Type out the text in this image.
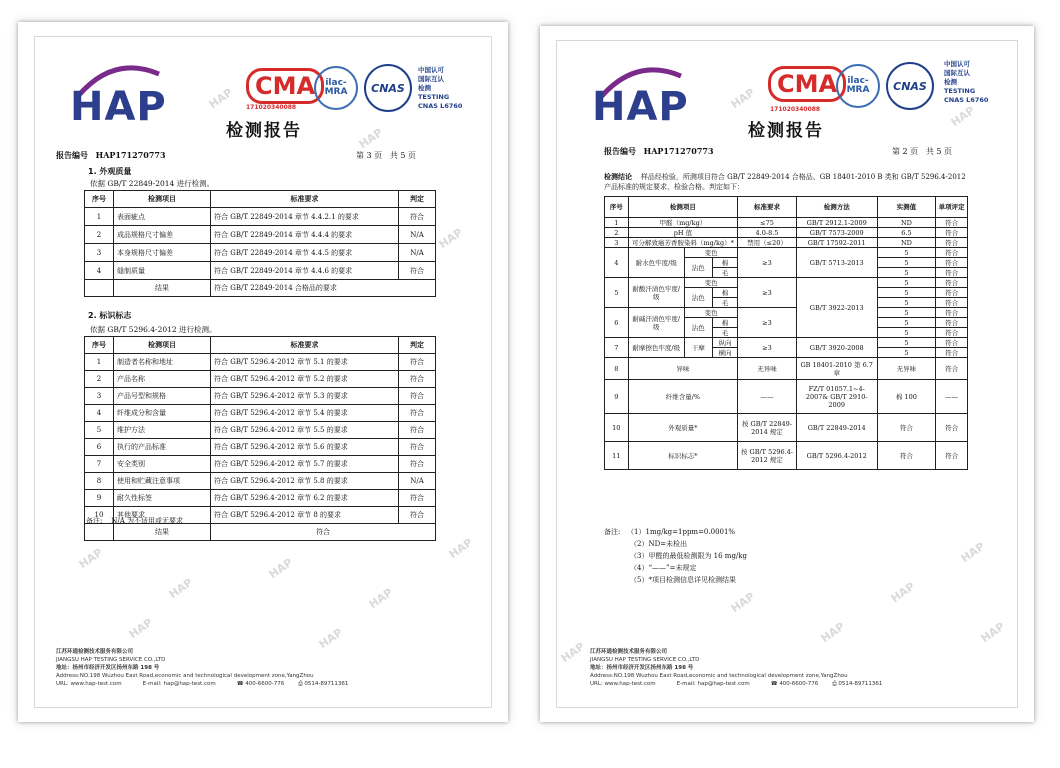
HAP	CMA	ilac-MRA	CNAS
中国认可
国际互认
检测
TESTING
CNAS L6760
171020340088
检测报告
报告编号 HAP171270773	第 3 页 共 5 页
1. 外观质量
依据 GB/T 22849-2014 进行检测。
序号	检测项目	标准要求	判定
1	表面疵点	符合 GB/T 22849-2014 章节 4.4.2.1 的要求	符合
2	成品规格尺寸偏差	符合 GB/T 22849-2014 章节 4.4.4 的要求	N/A
3	本身规格尺寸偏差	符合 GB/T 22849-2014 章节 4.4.5 的要求	N/A
4	缝制质量	符合 GB/T 22849-2014 章节 4.4.6 的要求	符合
	结果	符合 GB/T 22849-2014 合格品的要求	
2. 标识标志
依据 GB/T 5296.4-2012 进行检测。
序号	检测项目	标准要求	判定
1	制造者名称和地址	符合 GB/T 5296.4-2012 章节 5.1 的要求	符合
2	产品名称	符合 GB/T 5296.4-2012 章节 5.2 的要求	符合
3	产品号型和规格	符合 GB/T 5296.4-2012 章节 5.3 的要求	符合
4	纤维成分和含量	符合 GB/T 5296.4-2012 章节 5.4 的要求	符合
5	维护方法	符合 GB/T 5296.4-2012 章节 5.5 的要求	符合
6	执行的产品标准	符合 GB/T 5296.4-2012 章节 5.6 的要求	符合
7	安全类别	符合 GB/T 5296.4-2012 章节 5.7 的要求	符合
8	使用和贮藏注意事项	符合 GB/T 5296.4-2012 章节 5.8 的要求	N/A
9	耐久性标签	符合 GB/T 5296.4-2012 章节 6.2 的要求	符合
10	其他要求	符合 GB/T 5296.4-2012 章节 8 的要求	符合
	结果	符合	
备注: N/A 为不适用或无要求
江苏环通检测技术服务有限公司
JIANGSU HAP TESTING SERVICE CO.,LTD
地址：扬州市经济开发区扬州东路 198 号
Address:NO.198 Wuzhou East Road,economic and technological development zone,YangZhou
URL: www.hap-test.com	E-mail: hap@hap-test.com            ☎ 400-6600-776        ⎙ 0514-89711361
HAP
HAP
HAP
HAP
HAP
HAP
HAP
HAP
HAP	HAP
HAP	CMA	ilac-MRA	CNAS
中国认可
国际互认
检测
TESTING
CNAS L6760
171020340088
检测报告
报告编号 HAP171270773	第 2 页 共 5 页
检测结论 样品经检验，所测项目符合 GB/T 22849-2014 合格品、GB 18401-2010 B 类和 GB/T 5296.4-2012 产品标准的规定要求，检验合格。判定如下：
序号	检测项目			标准要求	检测方法	实测值	单项评定
1	甲醛（mg/kg）			≤75	GB/T 2912.1-2009	ND	符合
2	pH 值			4.0-8.5	GB/T 7573-2009	6.5	符合
3	可分解致癌芳香胺染料（mg/kg）*			禁用（≤20）	GB/T 17592-2011	ND	符合
4	耐水色牢度/级	变色		≥3	GB/T 5713-2013	5	符合
		沾色	棉			5	符合
			毛			5	符合
5	耐酸汗渍色牢度/级	变色		≥3	GB/T 3922-2013	5	符合
		沾色	棉			5	符合
			毛			5	符合
6	耐碱汗渍色牢度/级	变色		≥3		5	符合
		沾色	棉			5	符合
			毛			5	符合
7	耐摩擦色牢度/级	干摩	纵向	≥3	GB/T 3920-2008	5	符合
			横向			5	符合
8	异味			无异味	GB 18401-2010 第 6.7 章	无异味	符合
9	纤维含量/%			——	FZ/T 01057.1~4-2007& GB/T 2910-2009	棉 100	——
10	外观质量*			按 GB/T 22849-2014 规定	GB/T 22849-2014	符合	符合
11	标识标志*			按 GB/T 5296.4-2012 规定	GB/T 5296.4-2012	符合	符合
备注: （1）1mg/kg=1ppm=0.0001%
（2）ND=未检出
（3）甲醛的最低检测限为 16 mg/kg
（4）“——”=未规定
（5）*项目检测信息详见检测结果
江苏环通检测技术服务有限公司
JIANGSU HAP TESTING SERVICE CO.,LTD
地址：扬州市经济开发区扬州东路 198 号
Address:NO.198 Wuzhou East Road,economic and technological development zone,YangZhou
URL: www.hap-test.com	E-mail: hap@hap-test.com            ☎ 400-6600-776        ⎙ 0514-89711361
HAP
HAP
HAP
HAP
HAP
HAP
HAP
HAP
